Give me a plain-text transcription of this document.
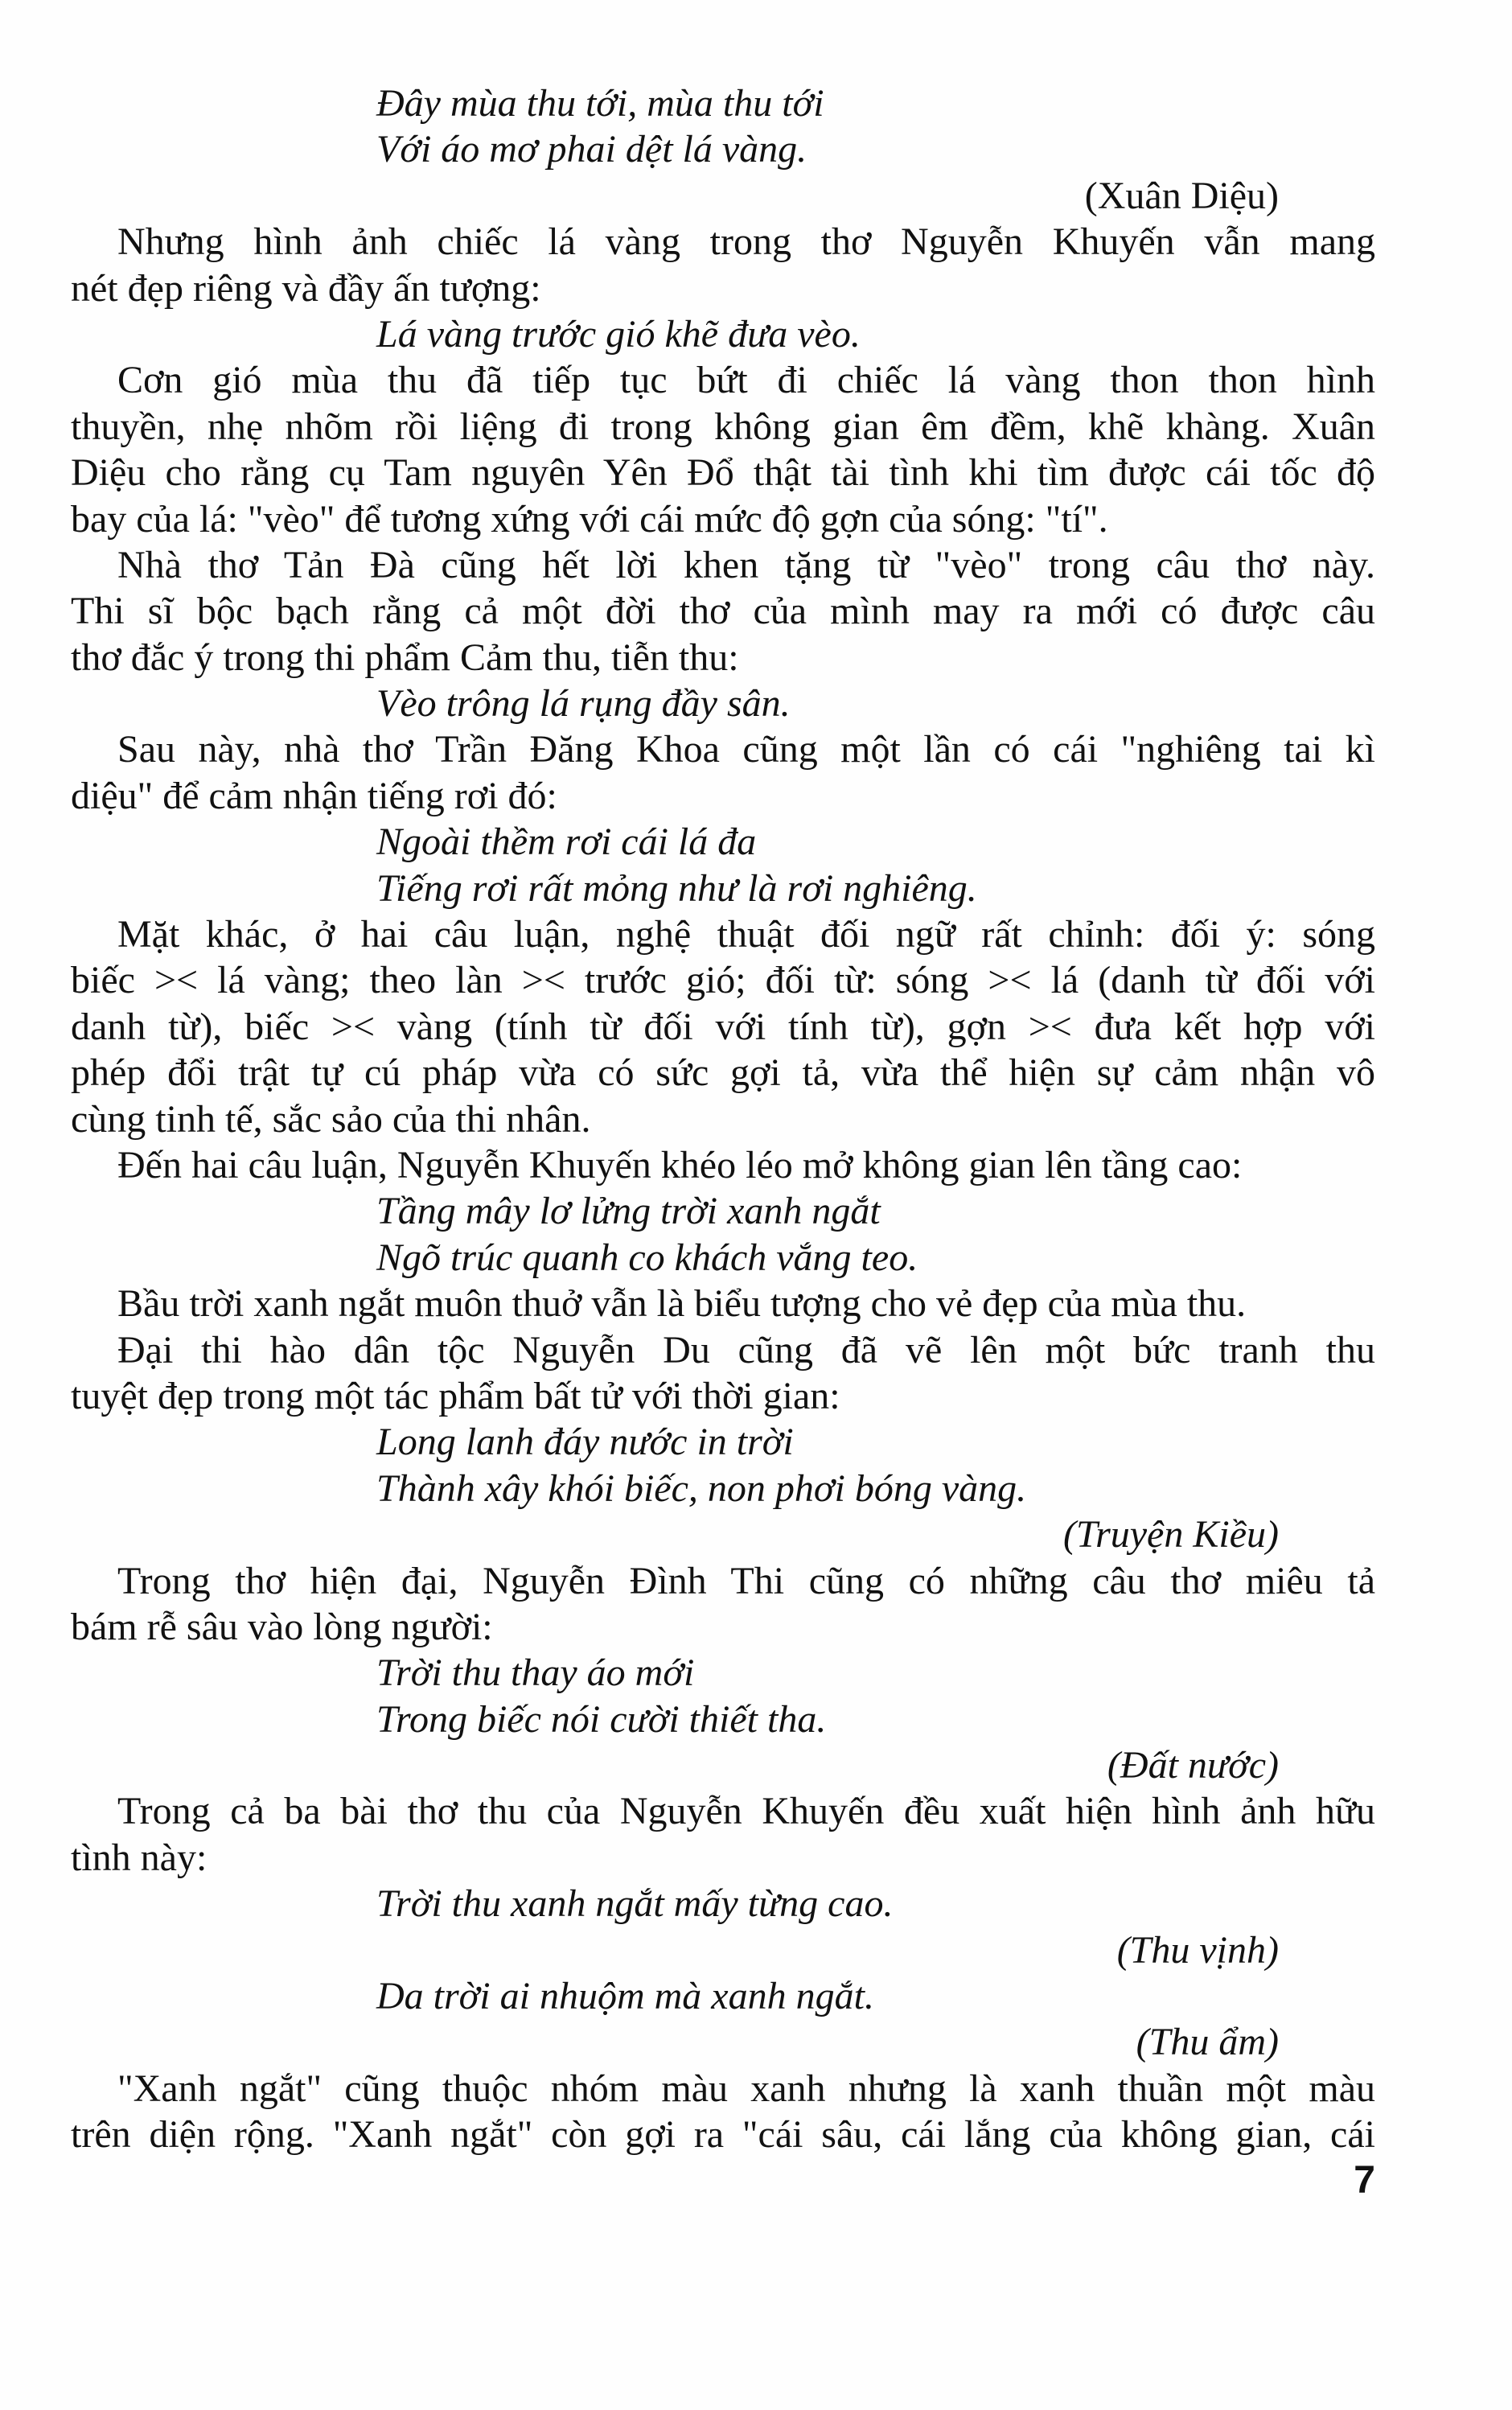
Đây mùa thu tới, mùa thu tới
Với áo mơ phai dệt lá vàng.
(Xuân Diệu)
Nhưng hình ảnh chiếc lá vàng trong thơ Nguyễn Khuyến vẫn mang
nét đẹp riêng và đầy ấn tượng:
Lá vàng trước gió khẽ đưa vèo.
Cơn gió mùa thu đã tiếp tục bứt đi chiếc lá vàng thon thon hình
thuyền, nhẹ nhõm rồi liệng đi trong không gian êm đềm, khẽ khàng. Xuân
Diệu cho rằng cụ Tam nguyên Yên Đổ thật tài tình khi tìm được cái tốc độ
bay của lá: "vèo" để tương xứng với cái mức độ gợn của sóng: "tí".
Nhà thơ Tản Đà cũng hết lời khen tặng từ "vèo" trong câu thơ này.
Thi sĩ bộc bạch rằng cả một đời thơ của mình may ra mới có được câu
thơ đắc ý trong thi phẩm Cảm thu, tiễn thu:
Vèo trông lá rụng đầy sân.
Sau này, nhà thơ Trần Đăng Khoa cũng một lần có cái "nghiêng tai kì
diệu" để cảm nhận tiếng rơi đó:
Ngoài thềm rơi cái lá đa
Tiếng rơi rất mỏng như là rơi nghiêng.
Mặt khác, ở hai câu luận, nghệ thuật đối ngữ rất chỉnh: đối ý: sóng
biếc >< lá vàng; theo làn >< trước gió; đối từ: sóng >< lá (danh từ đối với
danh từ), biếc >< vàng (tính từ đối với tính từ), gợn >< đưa kết hợp với
phép đổi trật tự cú pháp vừa có sức gợi tả, vừa thể hiện sự cảm nhận vô
cùng tinh tế, sắc sảo của thi nhân.
Đến hai câu luận, Nguyễn Khuyến khéo léo mở không gian lên tầng cao:
Tầng mây lơ lửng trời xanh ngắt
Ngõ trúc quanh co khách vắng teo.
Bầu trời xanh ngắt muôn thuở vẫn là biểu tượng cho vẻ đẹp của mùa thu.
Đại thi hào dân tộc Nguyễn Du cũng đã vẽ lên một bức tranh thu
tuyệt đẹp trong một tác phẩm bất tử với thời gian:
Long lanh đáy nước in trời
Thành xây khói biếc, non phơi bóng vàng.
(Truyện Kiều)
Trong thơ hiện đại, Nguyễn Đình Thi cũng có những câu thơ miêu tả
bám rễ sâu vào lòng người:
Trời thu thay áo mới
Trong biếc nói cười thiết tha.
(Đất nước)
Trong cả ba bài thơ thu của Nguyễn Khuyến đều xuất hiện hình ảnh hữu
tình này:
Trời thu xanh ngắt mấy từng cao.
(Thu vịnh)
Da trời ai nhuộm mà xanh ngắt.
(Thu ẩm)
"Xanh ngắt" cũng thuộc nhóm màu xanh nhưng là xanh thuần một màu
trên diện rộng. "Xanh ngắt" còn gợi ra "cái sâu, cái lắng của không gian, cái
7
